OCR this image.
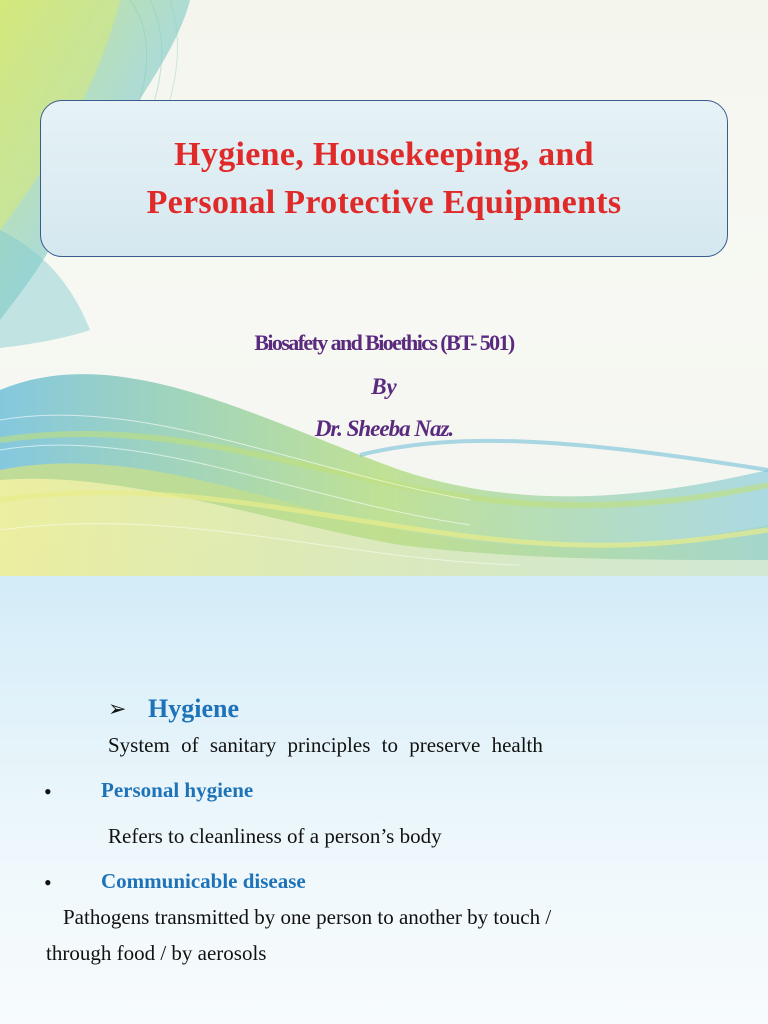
Hygiene, Housekeeping, and
Personal Protective Equipments
Biosafety and Bioethics (BT- 501)
By
Dr. Sheeba Naz.
➢ Hygiene
System of sanitary principles to preserve health
• Personal hygiene
Refers to cleanliness of a person’s body
• Communicable disease
Pathogens transmitted by one person to another by touch /
through food / by aerosols
